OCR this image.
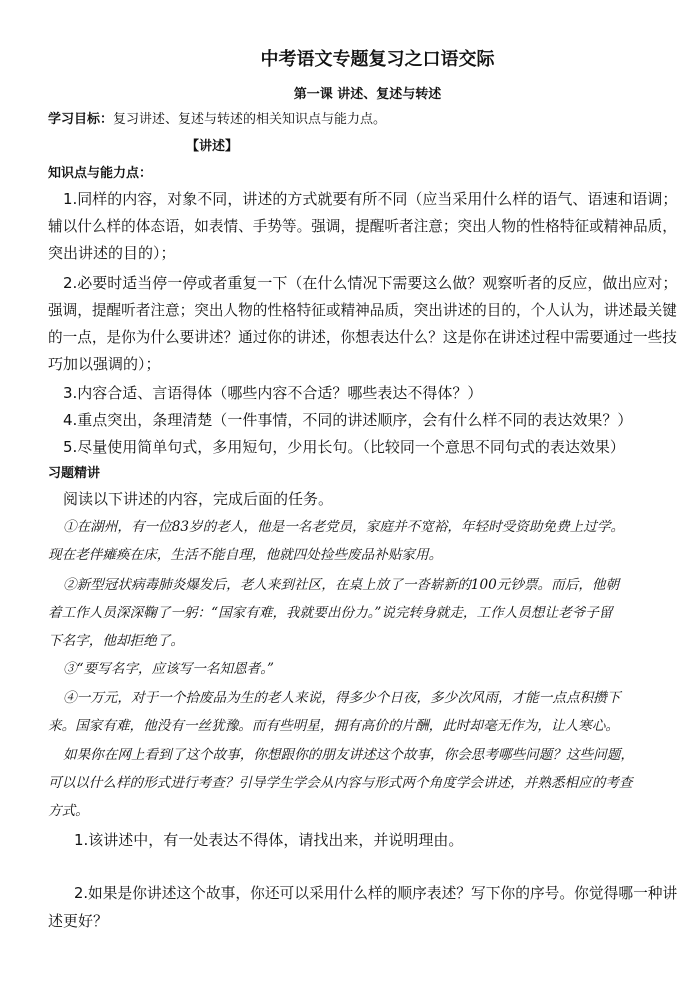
中考语文专题复习之口语交际
第一课 讲述、复述与转述
学习目标：复习讲述、复述与转述的相关知识点与能力点。
【讲述】
知识点与能力点：
1.同样的内容，对象不同，讲述的方式就要有所不同（应当采用什么样的语气、语速和语调；
辅以什么样的体态语，如表情、手势等。强调，提醒听者注意；突出人物的性格特征或精神品质，
突出讲述的目的）；
2.必要时适当停一停或者重复一下（在什么情况下需要这么做？观察听者的反应，做出应对；
强调，提醒听者注意；突出人物的性格特征或精神品质，突出讲述的目的，个人认为，讲述最关键
的一点，是你为什么要讲述？通过你的讲述，你想表达什么？这是你在讲述过程中需要通过一些技
巧加以强调的）；
3.内容合适、言语得体（哪些内容不合适？哪些表达不得体？）
4.重点突出，条理清楚（一件事情，不同的讲述顺序，会有什么样不同的表达效果？）
5.尽量使用简单句式，多用短句，少用长句。（比较同一个意思不同句式的表达效果）
习题精讲
阅读以下讲述的内容，完成后面的任务。
①在湖州，有一位83岁的老人，他是一名老党员，家庭并不宽裕，年轻时受资助免费上过学。
现在老伴瘫痪在床，生活不能自理，他就四处捡些废品补贴家用。
②新型冠状病毒肺炎爆发后，老人来到社区，在桌上放了一沓崭新的100元钞票。而后，他朝
着工作人员深深鞠了一躬：“国家有难，我就要出份力。”说完转身就走，工作人员想让老爷子留
下名字，他却拒绝了。
③“要写名字，应该写一名知恩者。”
④一万元，对于一个拾废品为生的老人来说，得多少个日夜，多少次风雨，才能一点点积攒下
来。国家有难，他没有一丝犹豫。而有些明星，拥有高价的片酬，此时却毫无作为，让人寒心。
如果你在网上看到了这个故事，你想跟你的朋友讲述这个故事，你会思考哪些问题？这些问题，
可以以什么样的形式进行考查？引导学生学会从内容与形式两个角度学会讲述，并熟悉相应的考查
方式。
1.该讲述中，有一处表达不得体，请找出来，并说明理由。
2.如果是你讲述这个故事，你还可以采用什么样的顺序表述？写下你的序号。你觉得哪一种讲
述更好？
